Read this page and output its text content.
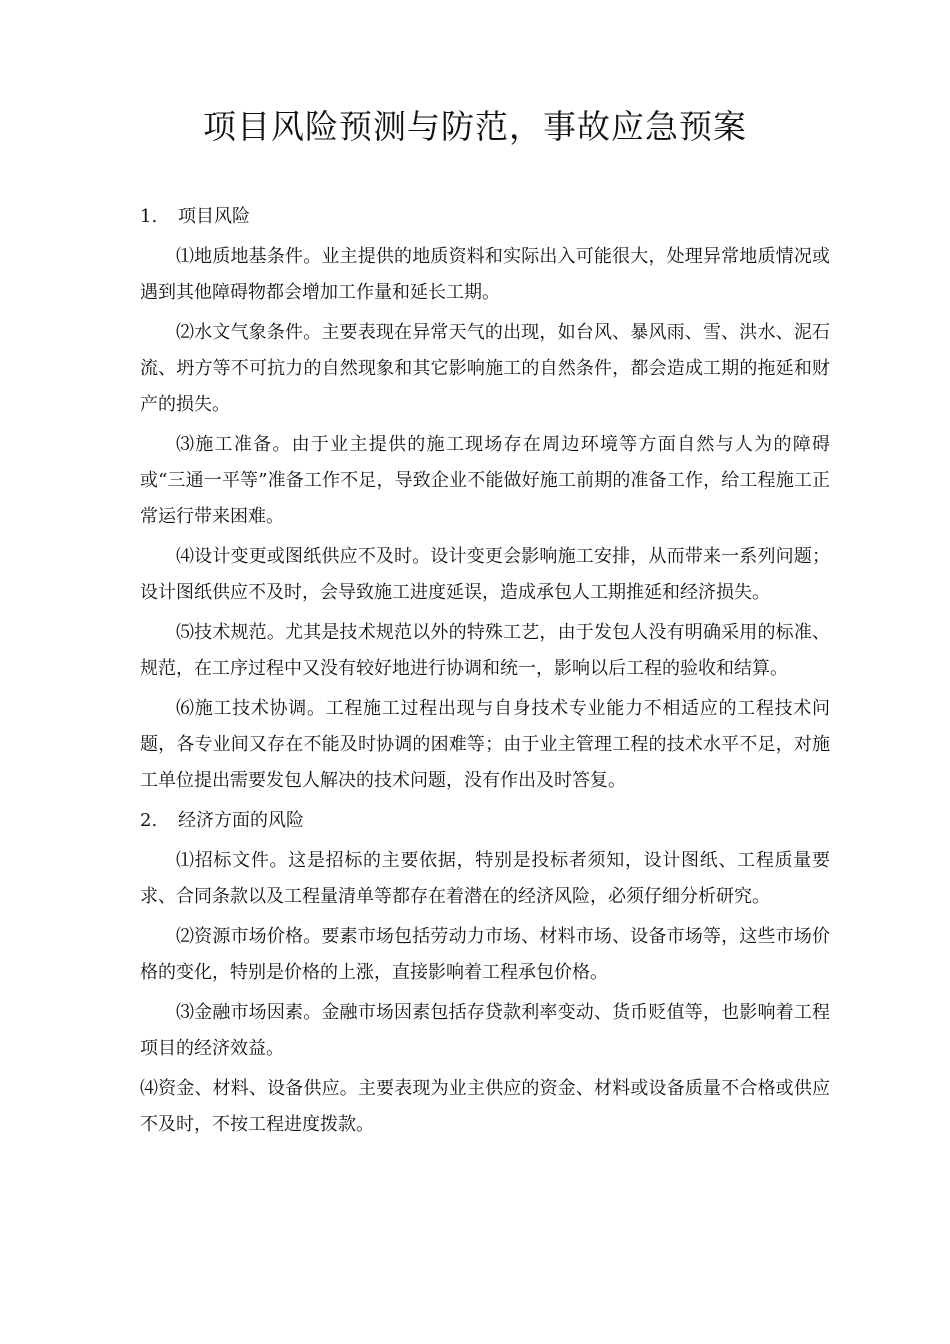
项目风险预测与防范，事故应急预案
1. 项目风险

⑴地质地基条件。业主提供的地质资料和实际出入可能很大，处理异常地质情况或遇到其他障碍物都会增加工作量和延长工期。

⑵水文气象条件。主要表现在异常天气的出现，如台风、暴风雨、雪、洪水、泥石流、坍方等不可抗力的自然现象和其它影响施工的自然条件，都会造成工期的拖延和财产的损失。

⑶施工准备。由于业主提供的施工现场存在周边环境等方面自然与人为的障碍或“三通一平等”准备工作不足，导致企业不能做好施工前期的准备工作，给工程施工正常运行带来困难。

⑷设计变更或图纸供应不及时。设计变更会影响施工安排，从而带来一系列问题；设计图纸供应不及时，会导致施工进度延误，造成承包人工期推延和经济损失。

⑸技术规范。尤其是技术规范以外的特殊工艺，由于发包人没有明确采用的标准、规范，在工序过程中又没有较好地进行协调和统一，影响以后工程的验收和结算。

⑹施工技术协调。工程施工过程出现与自身技术专业能力不相适应的工程技术问题，各专业间又存在不能及时协调的困难等；由于业主管理工程的技术水平不足，对施工单位提出需要发包人解决的技术问题，没有作出及时答复。

2. 经济方面的风险

⑴招标文件。这是招标的主要依据，特别是投标者须知，设计图纸、工程质量要求、合同条款以及工程量清单等都存在着潜在的经济风险，必须仔细分析研究。

⑵资源市场价格。要素市场包括劳动力市场、材料市场、设备市场等，这些市场价格的变化，特别是价格的上涨，直接影响着工程承包价格。

⑶金融市场因素。金融市场因素包括存贷款利率变动、货币贬值等，也影响着工程项目的经济效益。

⑷资金、材料、设备供应。主要表现为业主供应的资金、材料或设备质量不合格或供应不及时，不按工程进度拨款。
